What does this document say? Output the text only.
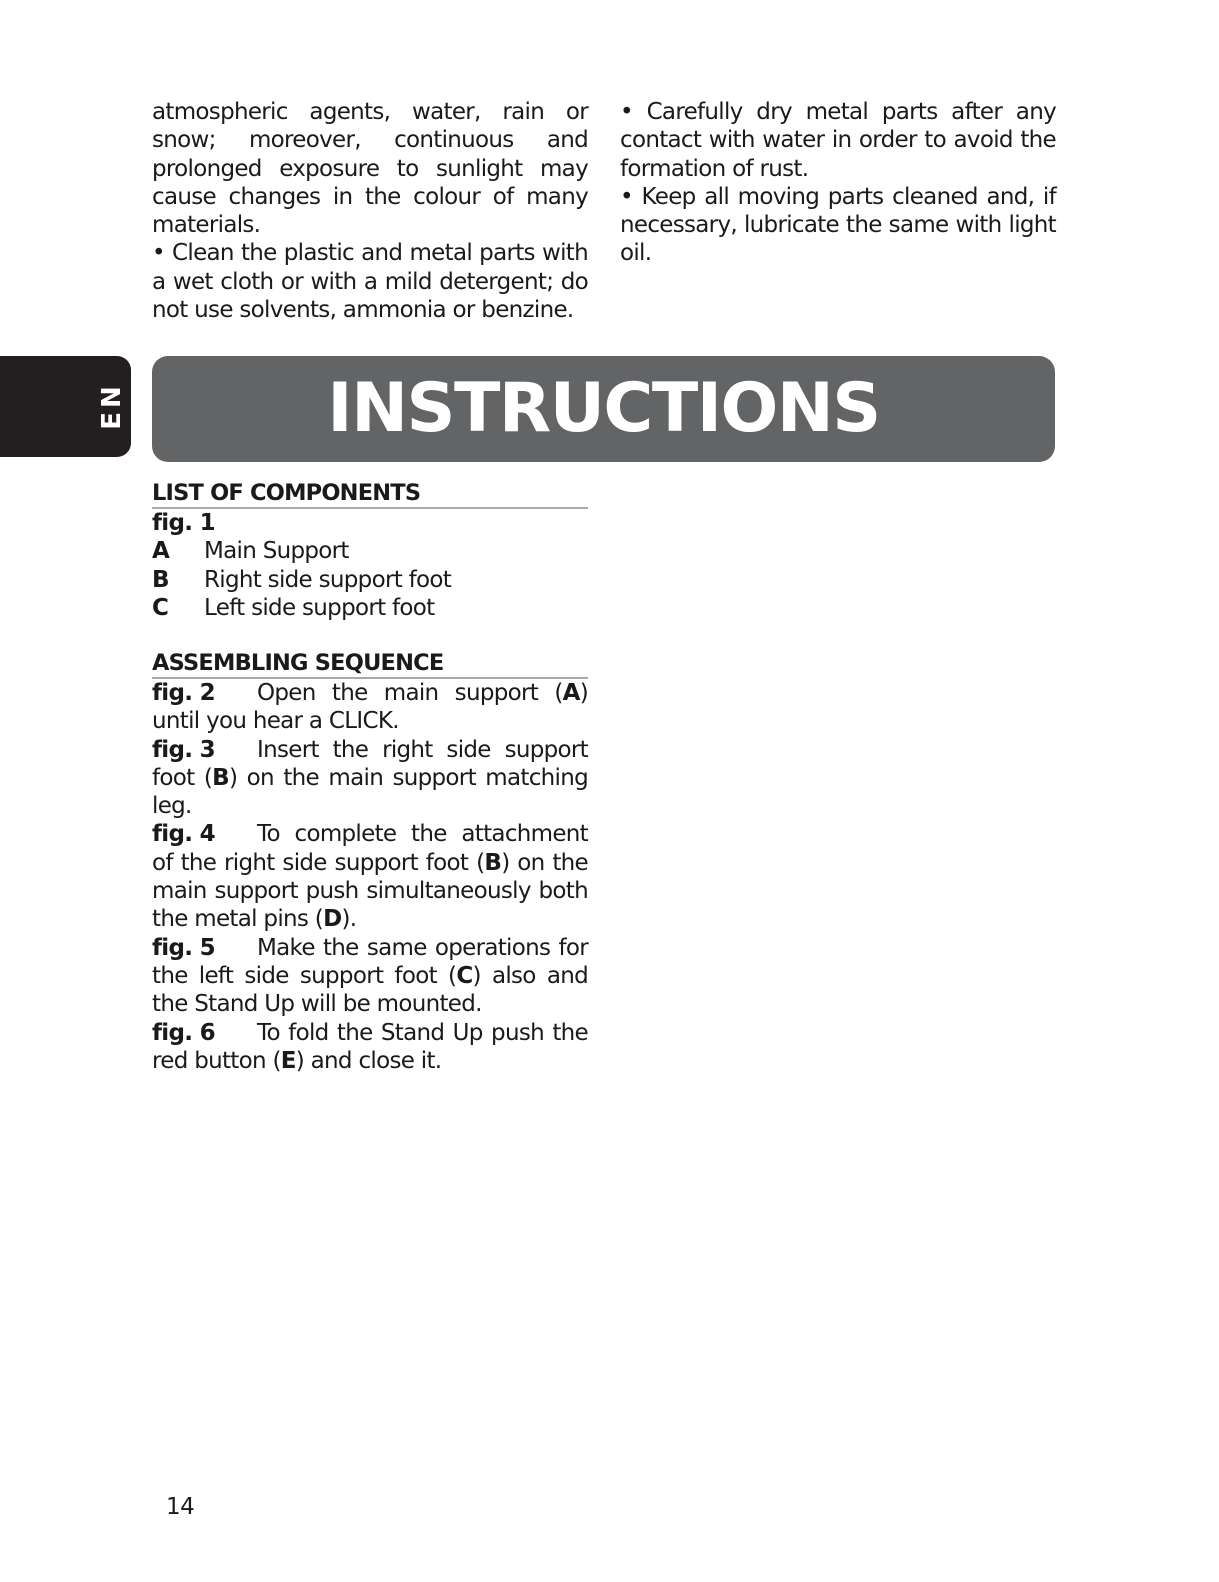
atmospheric agents, water, rain or snow; moreover, continuous and prolonged exposure to sunlight may cause changes in the colour of many materials.

• Clean the plastic and metal parts with a wet cloth or with a mild detergent; do not use solvents, ammonia or benzine.

• Carefully dry metal parts after any contact with water in order to avoid the formation of rust.

• Keep all moving parts cleaned and, if necessary, lubricate the same with light oil.

EN	INSTRUCTIONS
LIST OF COMPONENTS
fig. 1
A	Main Support
B	Right side support foot
C	Left side support foot
ASSEMBLING SEQUENCE

fig. 2 Open the main support (A) until you hear a CLICK.

fig. 3 Insert the right side support foot (B) on the main support matching leg.

fig. 4 To complete the attachment of the right side support foot (B) on the main support push simultaneously both the metal pins (D).

fig. 5 Make the same operations for the left side support foot (C) also and the Stand Up will be mounted.

fig. 6 To fold the Stand Up push the red button (E) and close it.

14
